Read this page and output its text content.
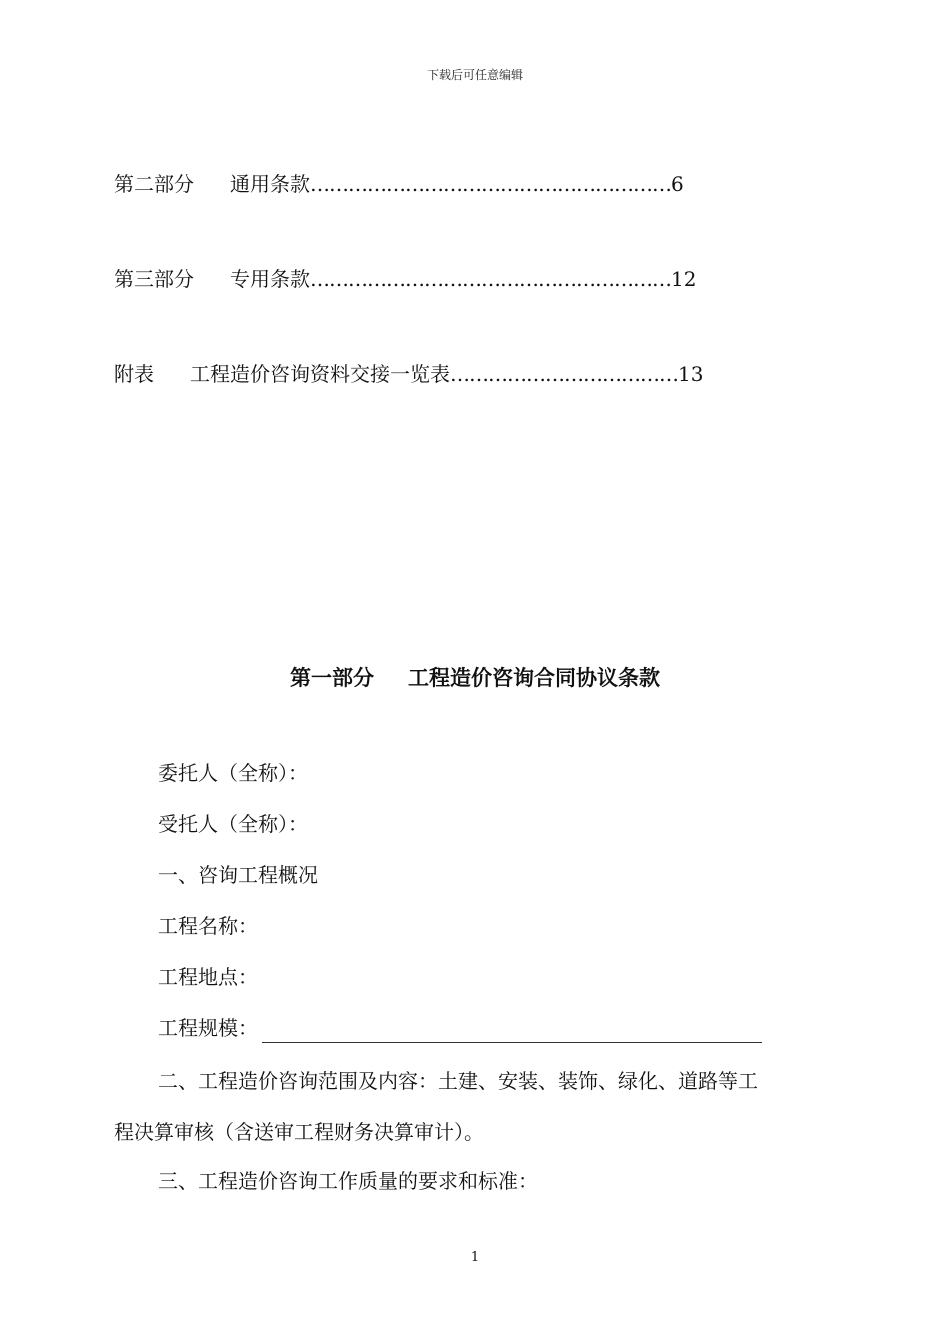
下载后可任意编辑
第二部分 通用条款…………………………………………………6
第三部分 专用条款…………………………………………………12
附表 工程造价咨询资料交接一览表………………………………13
第一部分 工程造价咨询合同协议条款
委托人（全称）：
受托人（全称）：
一、咨询工程概况
工程名称：
工程地点：
工程规模：
二、工程造价咨询范围及内容：土建、安装、装饰、绿化、道路等工
程决算审核（含送审工程财务决算审计）。
三、工程造价咨询工作质量的要求和标准：
1
